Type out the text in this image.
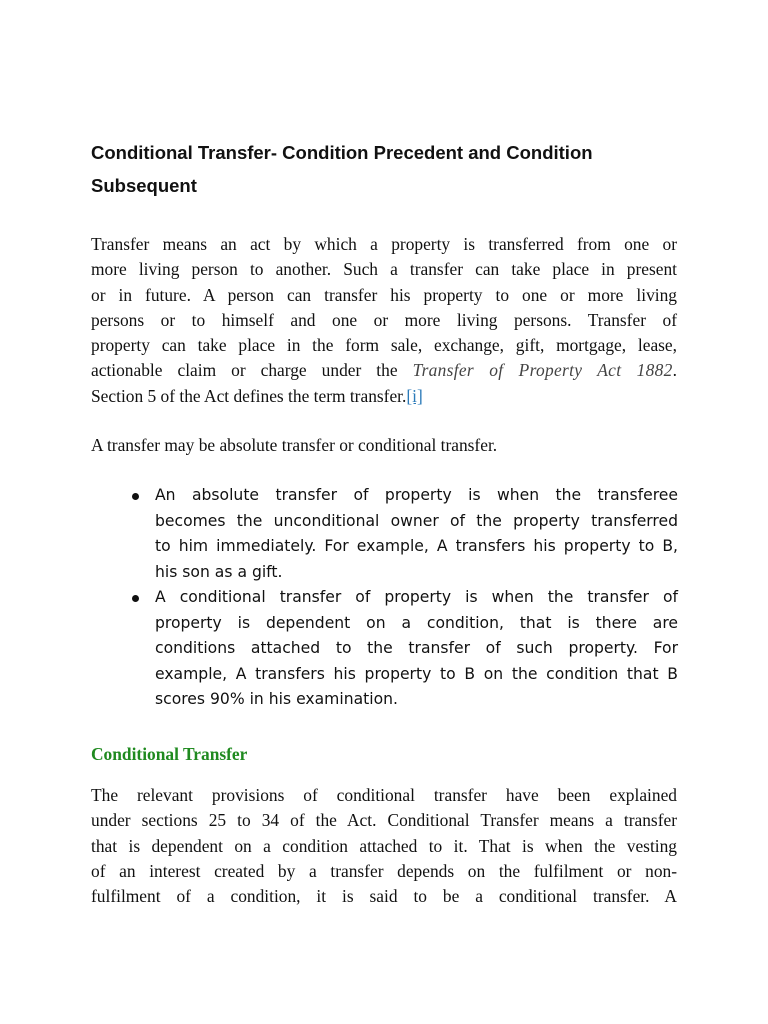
Conditional Transfer- Condition Precedent and Condition Subsequent
Transfer means an act by which a property is transferred from one or
more living person to another. Such a transfer can take place in present
or in future. A person can transfer his property to one or more living
persons or to himself and one or more living persons. Transfer of
property can take place in the form sale, exchange, gift, mortgage, lease,
actionable claim or charge under the Transfer of Property Act 1882.
Section 5 of the Act defines the term transfer.[i]

A transfer may be absolute transfer or conditional transfer.

An absolute transfer of property is when the transferee
becomes the unconditional owner of the property transferred
to him immediately. For example, A transfers his property to B,
his son as a gift.
A conditional transfer of property is when the transfer of
property is dependent on a condition, that is there are
conditions attached to the transfer of such property. For
example, A transfers his property to B on the condition that B
scores 90% in his examination.
Conditional Transfer
The relevant provisions of conditional transfer have been explained
under sections 25 to 34 of the Act. Conditional Transfer means a transfer
that is dependent on a condition attached to it. That is when the vesting
of an interest created by a transfer depends on the fulfilment or non-
fulfilment of a condition, it is said to be a conditional transfer. A
